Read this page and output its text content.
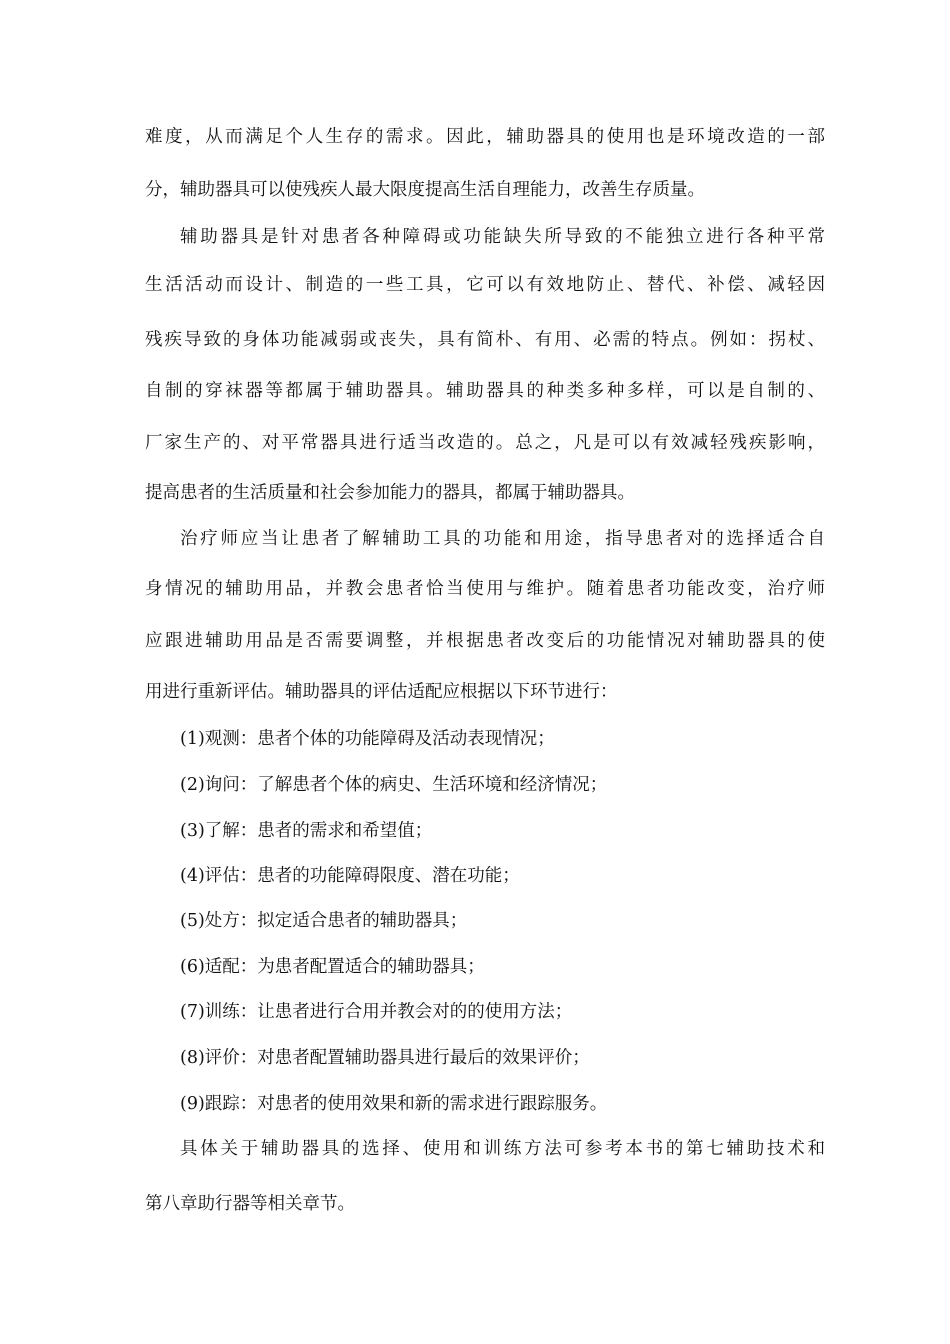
难度，从而满足个人生存的需求。因此，辅助器具的使用也是环境改造的一部
分，辅助器具可以使残疾人最大限度提高生活自理能力，改善生存质量。
辅助器具是针对患者各种障碍或功能缺失所导致的不能独立进行各种平常
生活活动而设计、制造的一些工具，它可以有效地防止、替代、补偿、减轻因
残疾导致的身体功能减弱或丧失，具有简朴、有用、必需的特点。例如：拐杖、
自制的穿袜器等都属于辅助器具。辅助器具的种类多种多样，可以是自制的、
厂家生产的、对平常器具进行适当改造的。总之，凡是可以有效减轻残疾影响，
提高患者的生活质量和社会参加能力的器具，都属于辅助器具。
治疗师应当让患者了解辅助工具的功能和用途，指导患者对的选择适合自
身情况的辅助用品，并教会患者恰当使用与维护。随着患者功能改变，治疗师
应跟进辅助用品是否需要调整，并根据患者改变后的功能情况对辅助器具的使
用进行重新评估。辅助器具的评估适配应根据以下环节进行：
(1)观测：患者个体的功能障碍及活动表现情况；
(2)询问：了解患者个体的病史、生活环境和经济情况；
(3)了解：患者的需求和希望值；
(4)评估：患者的功能障碍限度、潜在功能；
(5)处方：拟定适合患者的辅助器具；
(6)适配：为患者配置适合的辅助器具；
(7)训练：让患者进行合用并教会对的的使用方法；
(8)评价：对患者配置辅助器具进行最后的效果评价；
(9)跟踪：对患者的使用效果和新的需求进行跟踪服务。
具体关于辅助器具的选择、使用和训练方法可参考本书的第七辅助技术和
第八章助行器等相关章节。
